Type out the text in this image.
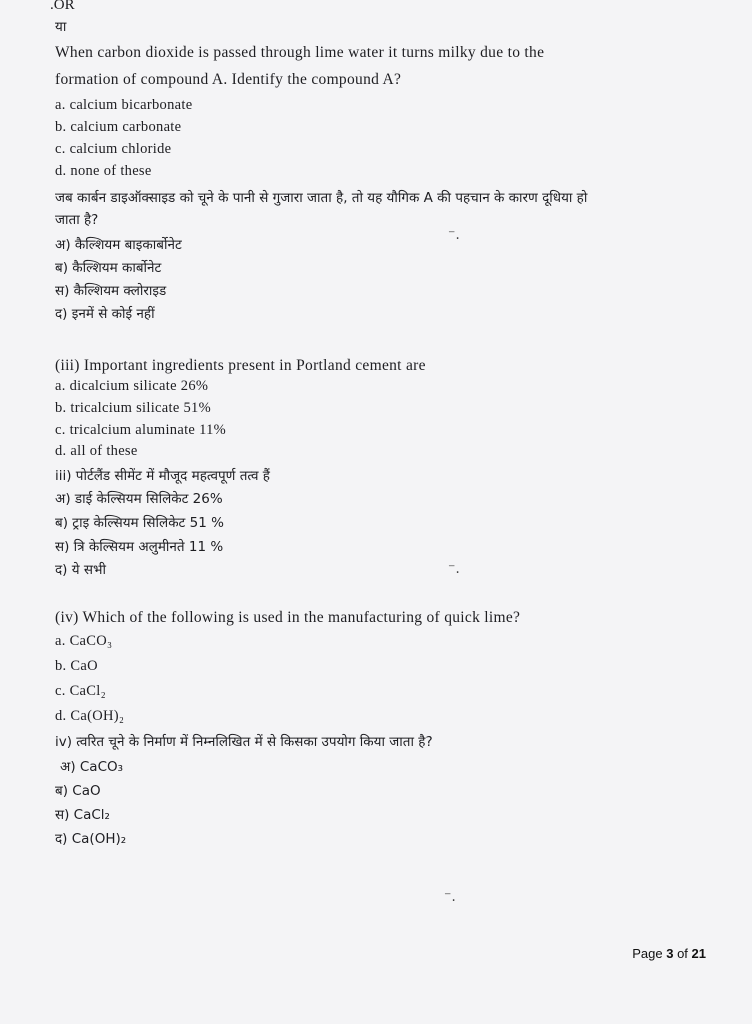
.OR
या
When carbon dioxide is passed through lime water it turns milky due to the
formation of compound A. Identify the compound A?
a. calcium bicarbonate
b. calcium carbonate
c. calcium chloride
d. none of these
जब कार्बन डाइऑक्साइड को चूने के पानी से गुजारा जाता है, तो यह यौगिक A की पहचान के कारण दूधिया हो
जाता है?
⁻.
अ) कैल्शियम बाइकार्बोनेट
ब) कैल्शियम कार्बोनेट
स) कैल्शियम क्लोराइड
द) इनमें से कोई नहीं
(iii) Important ingredients present in Portland cement are
a. dicalcium silicate 26%
b. tricalcium silicate 51%
c. tricalcium aluminate 11%
d. all of these
iii) पोर्टलैंड सीमेंट में मौजूद महत्वपूर्ण तत्व हैं
अ) डाई केल्सियम सिलिकेट 26%
ब) ट्राइ केल्सियम सिलिकेट 51 %
स) त्रि केल्सियम अलुमीनते 11 %
द) ये सभी	⁻.
(iv) Which of the following is used in the manufacturing of quick lime?
a. CaCO₃
b. CaO
c. CaCl₂
d. Ca(OH)₂
iv) त्वरित चूने के निर्माण में निम्नलिखित में से किसका उपयोग किया जाता है?
अ) CaCO₃
ब) CaO
स) CaCl₂
द) Ca(OH)₂
⁻.
Page 3 of 21
